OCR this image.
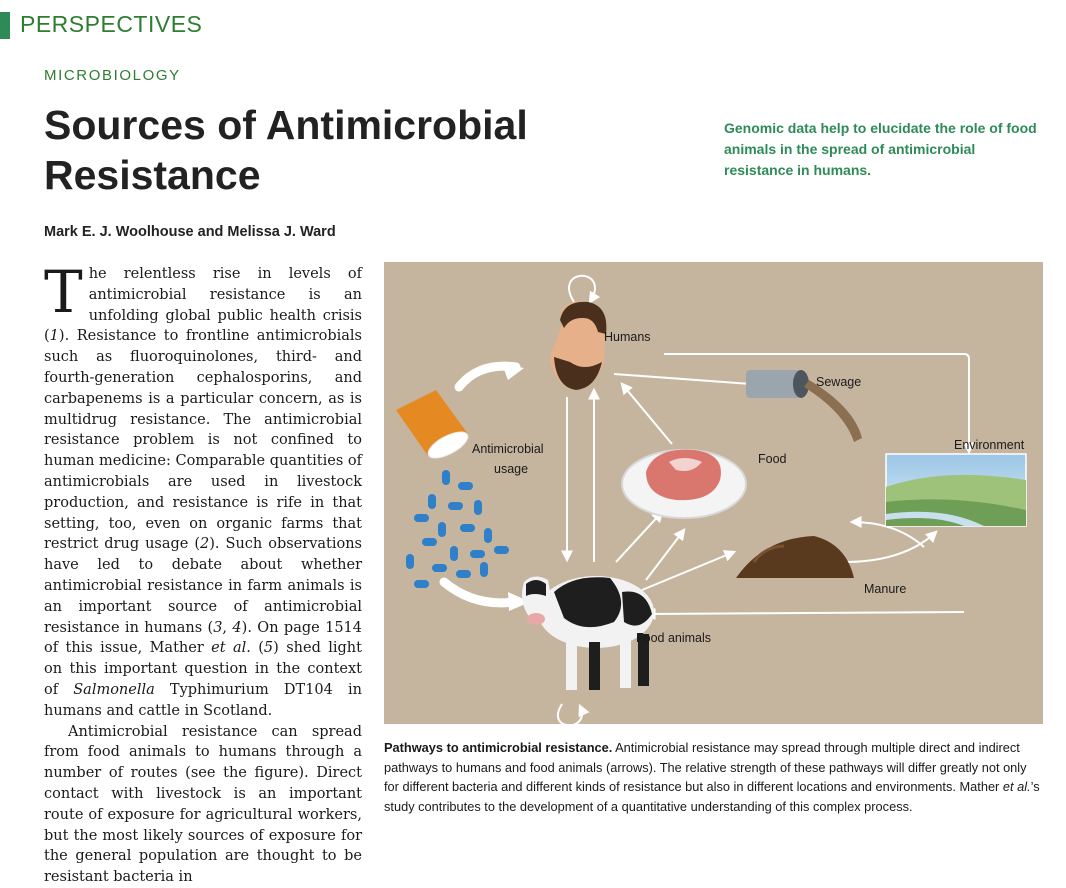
PERSPECTIVES
MICROBIOLOGY
Sources of Antimicrobial Resistance
Genomic data help to elucidate the role of food animals in the spread of antimicrobial resistance in humans.
Mark E. J. Woolhouse and Melissa J. Ward

The relentless rise in levels of antimicrobial resistance is an unfolding global public health crisis (1). Resistance to frontline antimicrobials such as fluoroquinolones, third- and fourth-generation cephalosporins, and carbapenems is a particular concern, as is multidrug resistance. The antimicrobial resistance problem is not confined to human medicine: Comparable quantities of antimicrobials are used in livestock production, and resistance is rife in that setting, too, even on organic farms that restrict drug usage (2). Such observations have led to debate about whether antimicrobial resistance in farm animals is an important source of antimicrobial resistance in humans (3, 4). On page 1514 of this issue, Mather et al. (5) shed light on this important question in the context of Salmonella Typhimurium DT104 in humans and cattle in Scotland.

Antimicrobial resistance can spread from food animals to humans through a number of routes (see the figure). Direct contact with livestock is an important route of exposure for agricultural workers, but the most likely sources of exposure for the general population are thought to be resistant bacteria in

Humans
Sewage
Environment
Antimicrobial
usage
Food
Manure
Food animals
Pathways to antimicrobial resistance. Antimicrobial resistance may spread through multiple direct and indirect pathways to humans and food animals (arrows). The relative strength of these pathways will differ greatly not only for different bacteria and different kinds of resistance but also in different locations and environments. Mather et al.’s study contributes to the development of a quantitative understanding of this complex process.
